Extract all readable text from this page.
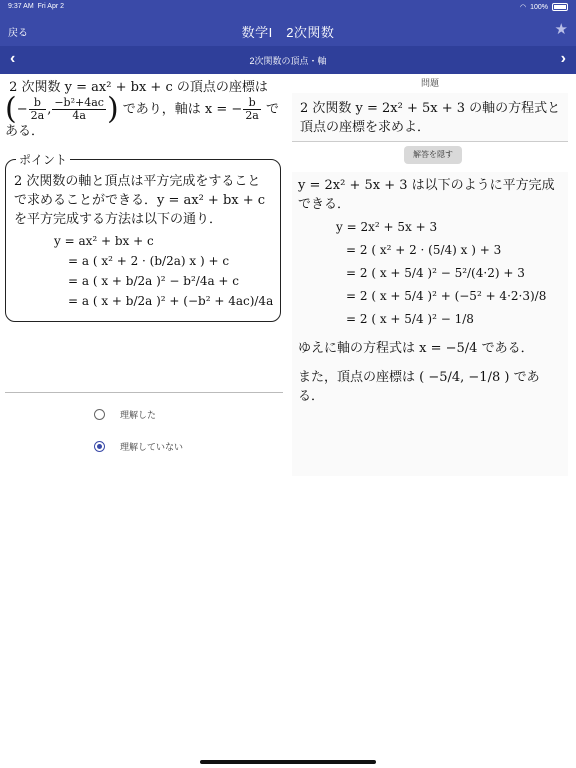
9:37 AM Fri Apr 2	◠ 100%
戻る	数学I　2次関数	★
‹	2次関数の頂点・軸	›
2 次関数 y = ax² + bx + c の頂点の座標は
(− $\frac{b}{2a}$ , $\frac{\text{−b²+4ac}}{4a}$ ) であり，軸は x = − $\frac{b}{2a}$ で
ある．
ポイント
2 次関数の軸と頂点は平方完成をすることで求めることができる．y = ax² + bx + c を平方完成する方法は以下の通り．
y = ax² + bx + c
= a ( x² + 2 · (b/2a) x ) + c
= a ( x + b/2a )² − b²/4a + c
= a ( x + b/2a )² + (−b² + 4ac)/4a
理解した
理解していない
問題
2 次関数 y = 2x² + 5x + 3 の軸の方程式と頂点の座標を求めよ．
解答を隠す
y = 2x² + 5x + 3 は以下のように平方完成できる．
y = 2x² + 5x + 3
= 2 ( x² + 2 · (5/4) x ) + 3
= 2 ( x + 5/4 )² − 5²/(4·2) + 3
= 2 ( x + 5/4 )² + (−5² + 4·2·3)/8
= 2 ( x + 5/4 )² − 1/8
ゆえに軸の方程式は x = −5/4 である．
また，頂点の座標は ( −5/4, −1/8 ) である．
